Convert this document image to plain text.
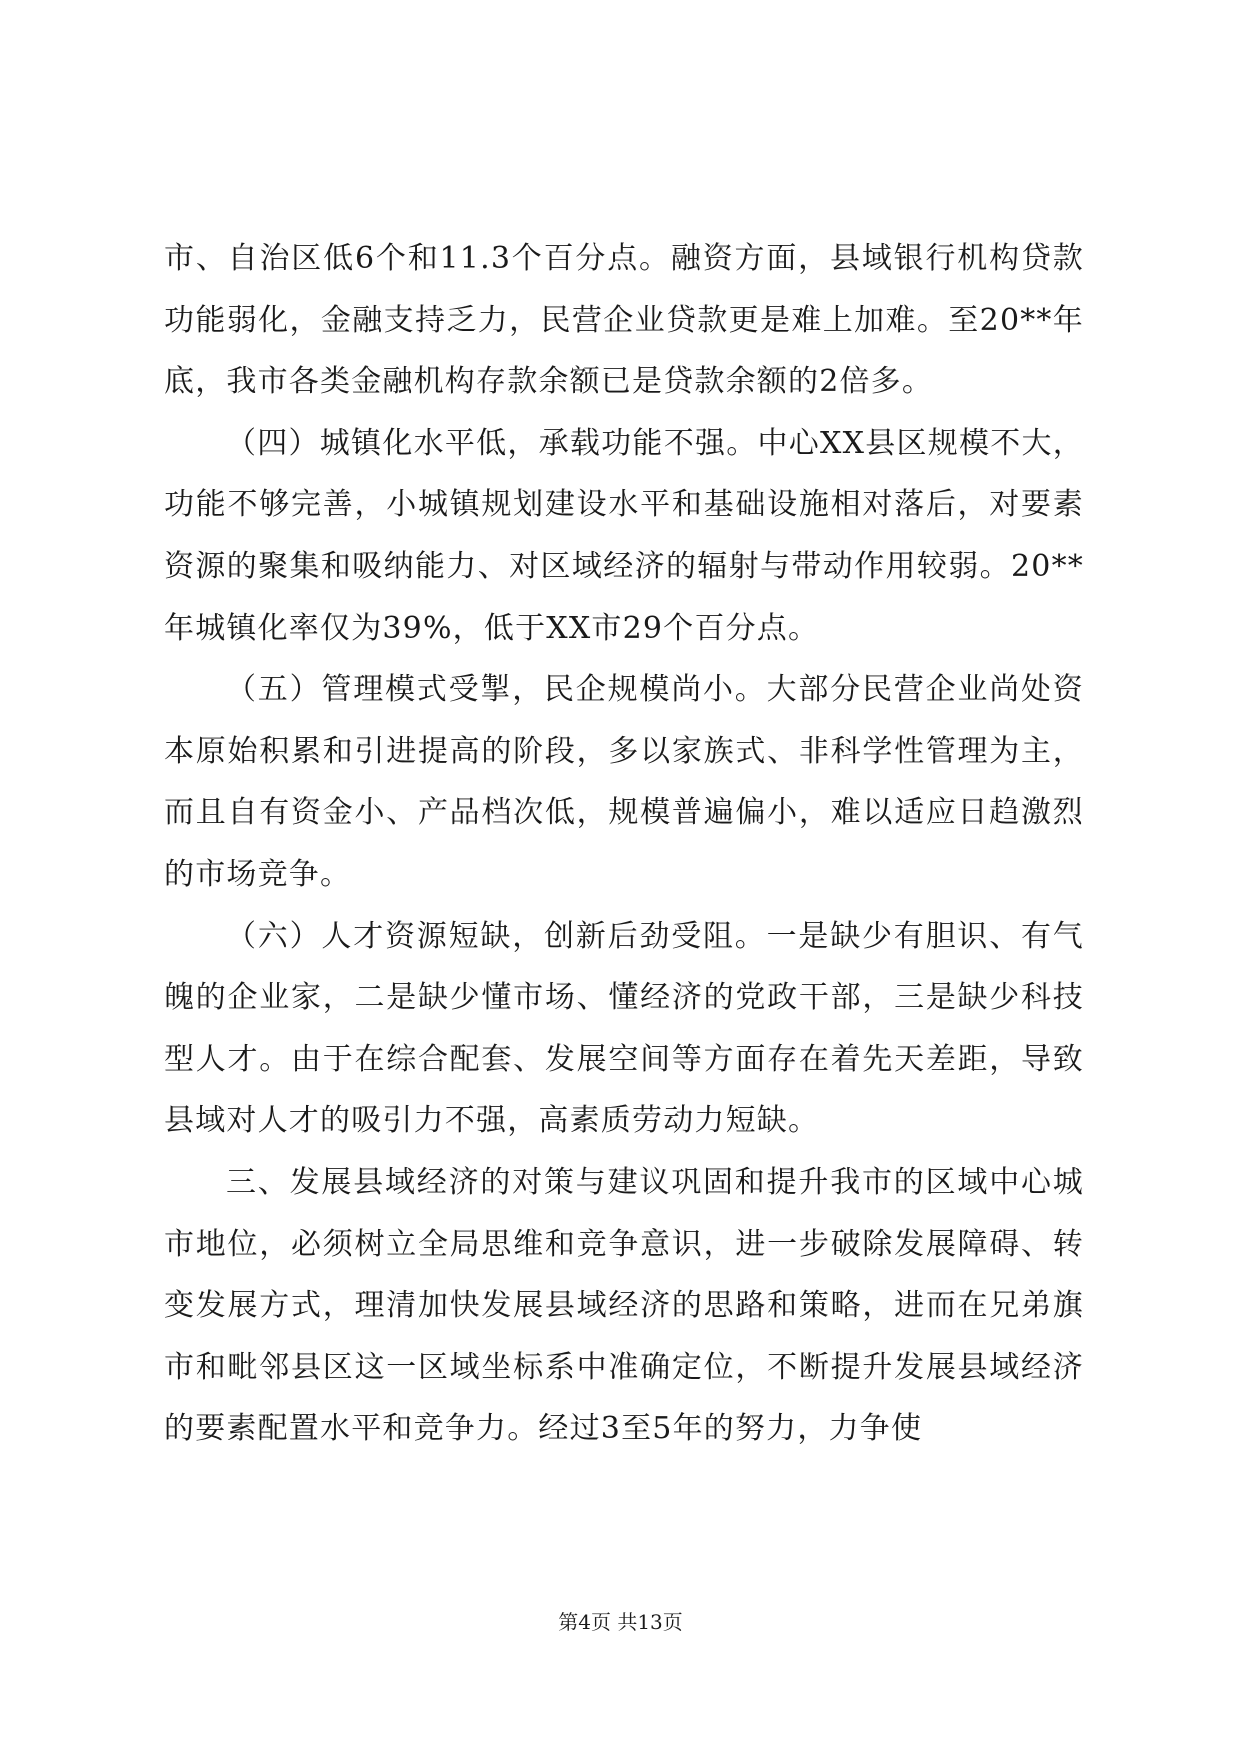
市、自治区低6个和11.3个百分点。融资方面，县域银行机构贷款功能弱化，金融支持乏力，民营企业贷款更是难上加难。至20**年底，我市各类金融机构存款余额已是贷款余额的2倍多。

（四）城镇化水平低，承载功能不强。中心XX县区规模不大，功能不够完善，小城镇规划建设水平和基础设施相对落后，对要素资源的聚集和吸纳能力、对区域经济的辐射与带动作用较弱。20**年城镇化率仅为39%，低于XX市29个百分点。

（五）管理模式受掣，民企规模尚小。大部分民营企业尚处资本原始积累和引进提高的阶段，多以家族式、非科学性管理为主，而且自有资金小、产品档次低，规模普遍偏小，难以适应日趋激烈的市场竞争。

（六）人才资源短缺，创新后劲受阻。一是缺少有胆识、有气魄的企业家，二是缺少懂市场、懂经济的党政干部，三是缺少科技型人才。由于在综合配套、发展空间等方面存在着先天差距，导致县域对人才的吸引力不强，高素质劳动力短缺。

三、发展县域经济的对策与建议巩固和提升我市的区域中心城市地位，必须树立全局思维和竞争意识，进一步破除发展障碍、转变发展方式，理清加快发展县域经济的思路和策略，进而在兄弟旗市和毗邻县区这一区域坐标系中准确定位，不断提升发展县域经济的要素配置水平和竞争力。经过3至5年的努力，力争使

第4页 共13页
